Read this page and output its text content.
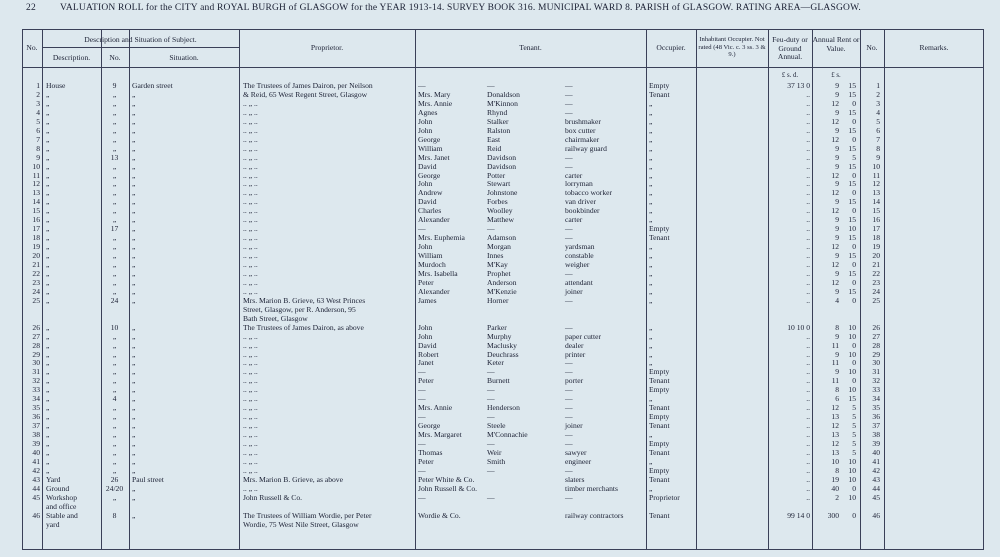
22	VALUATION ROLL for the CITY and ROYAL BURGH of GLASGOW for the YEAR 1913-14. SURVEY BOOK 316. MUNICIPAL WARD 8. PARISH of GLASGOW. RATING AREA—GLASGOW.
No.
Description and Situation of Subject.
Description.	No.	Situation.
Proprietor.	Tenant.	Occupier.
Inhabitant Occupier. Not rated (48 Vic. c. 3 ss. 3 & 9.)
Feu-duty or Ground Annual.
Annual Rent or Value.	No.	Remarks.
£ s. d.	£ s.
1 House	9	Garden street	The Trustees of James Dairon, per Neilson	—	—	—	Empty	37 13 0	9	15	1
2 „	„	„	& Reid, 65 West Regent Street, Glasgow	Mrs. Mary	Donaldson	—	Tenant	..	9	15	2
3 „	„	„	.. „ ..	Mrs. Annie	M'Kinnon	—	„	..	12	0	3
4 „	„	„	.. „ ..	Agnes	Rhynd	—	„	..	9	15	4
5 „	„	„	.. „ ..	John	Stalker	brushmaker	„	..	12	0	5
6 „	„	„	.. „ ..	John	Ralston	box cutter	„	..	9	15	6
7 „	„	„	.. „ ..	George	East	chairmaker	„	..	12	0	7
8 „	„	„	.. „ ..	William	Reid	railway guard	„	..	9	15	8
9 „	13	„	.. „ ..	Mrs. Janet	Davidson	—	„	..	9	5	9
10 „	„	„	.. „ ..	David	Davidson	—	„	..	9	15	10
11 „	„	„	.. „ ..	George	Potter	carter	„	..	12	0	11
12 „	„	„	.. „ ..	John	Stewart	lorryman	„	..	9	15	12
13 „	„	„	.. „ ..	Andrew	Johnstone	tobacco worker	„	..	12	0	13
14 „	„	„	.. „ ..	David	Forbes	van driver	„	..	9	15	14
15 „	„	„	.. „ ..	Charles	Woolley	bookbinder	„	..	12	0	15
16 „	„	„	.. „ ..	Alexander	Matthew	carter	„	..	9	15	16
17 „	17	„	.. „ ..	—	—	—	Empty	..	9	10	17
18 „	„	„	.. „ ..	Mrs. Euphemia	Adamson	—	Tenant	..	9	15	18
19 „	„	„	.. „ ..	John	Morgan	yardsman	„	..	12	0	19
20 „	„	„	.. „ ..	William	Innes	constable	„	..	9	15	20
21 „	„	„	.. „ ..	Murdoch	M'Kay	weigher	„	..	12	0	21
22 „	„	„	.. „ ..	Mrs. Isabella	Prophet	—	„	..	9	15	22
23 „	„	„	.. „ ..	Peter	Anderson	attendant	„	..	12	0	23
24 „	„	„	.. „ ..	Alexander	M'Kenzie	joiner	„	..	9	15	24
25 „	24	„	Mrs. Marion B. Grieve, 63 West Princes	James	Horner	—	„	..	4	0	25
Street, Glasgow, per R. Anderson, 95
Bath Street, Glasgow
26 „	10	„	The Trustees of James Dairon, as above	John	Parker	—	„	10 10 0	8	10	26
27 „	„	„	.. „ ..	John	Murphy	paper cutter	„	..	9	10	27
28 „	„	„	.. „ ..	David	Maclusky	dealer	„	..	11	0	28
29 „	„	„	.. „ ..	Robert	Deuchrass	printer	„	..	9	10	29
30 „	„	„	.. „ ..	Janet	Keter	—	„	..	11	0	30
31 „	„	„	.. „ ..	—	—	—	Empty	..	9	10	31
32 „	„	„	.. „ ..	Peter	Burnett	porter	Tenant	..	11	0	32
33 „	„	„	.. „ ..	—	—	—	Empty	..	8	10	33
34 „	4	„	.. „ ..	—	—	—	„	..	6	15	34
35 „	„	„	.. „ ..	Mrs. Annie	Henderson	—	Tenant	..	12	5	35
36 „	„	„	.. „ ..	—	—	—	Empty	..	13	5	36
37 „	„	„	.. „ ..	George	Steele	joiner	Tenant	..	12	5	37
38 „	„	„	.. „ ..	Mrs. Margaret	M'Connachie	—	„	..	13	5	38
39 „	„	„	.. „ ..	—	—	—	Empty	..	12	5	39
40 „	„	„	.. „ ..	Thomas	Weir	sawyer	Tenant	..	13	5	40
41 „	„	„	.. „ ..	Peter	Smith	engineer	„	..	10	10	41
42 „	„	„	.. „ ..	—	—	—	Empty	..	8	10	42
43 Yard	26	Paul street	Mrs. Marion B. Grieve, as above	Peter White & Co.	slaters	Tenant	..	19	10	43
44 Ground	24/20	„	.. „ ..	John Russell & Co.	timber merchants	„	..	40	0	44
45 Workshop	„	„	John Russell & Co.	—	—	—	Proprietor	..	2	10	45
and office
46 Stable and	8	„	The Trustees of William Wordie, per Peter	Wordie & Co.	railway contractors	Tenant	99 14 0	300	0	46
yard	Wordie, 75 West Nile Street, Glasgow
